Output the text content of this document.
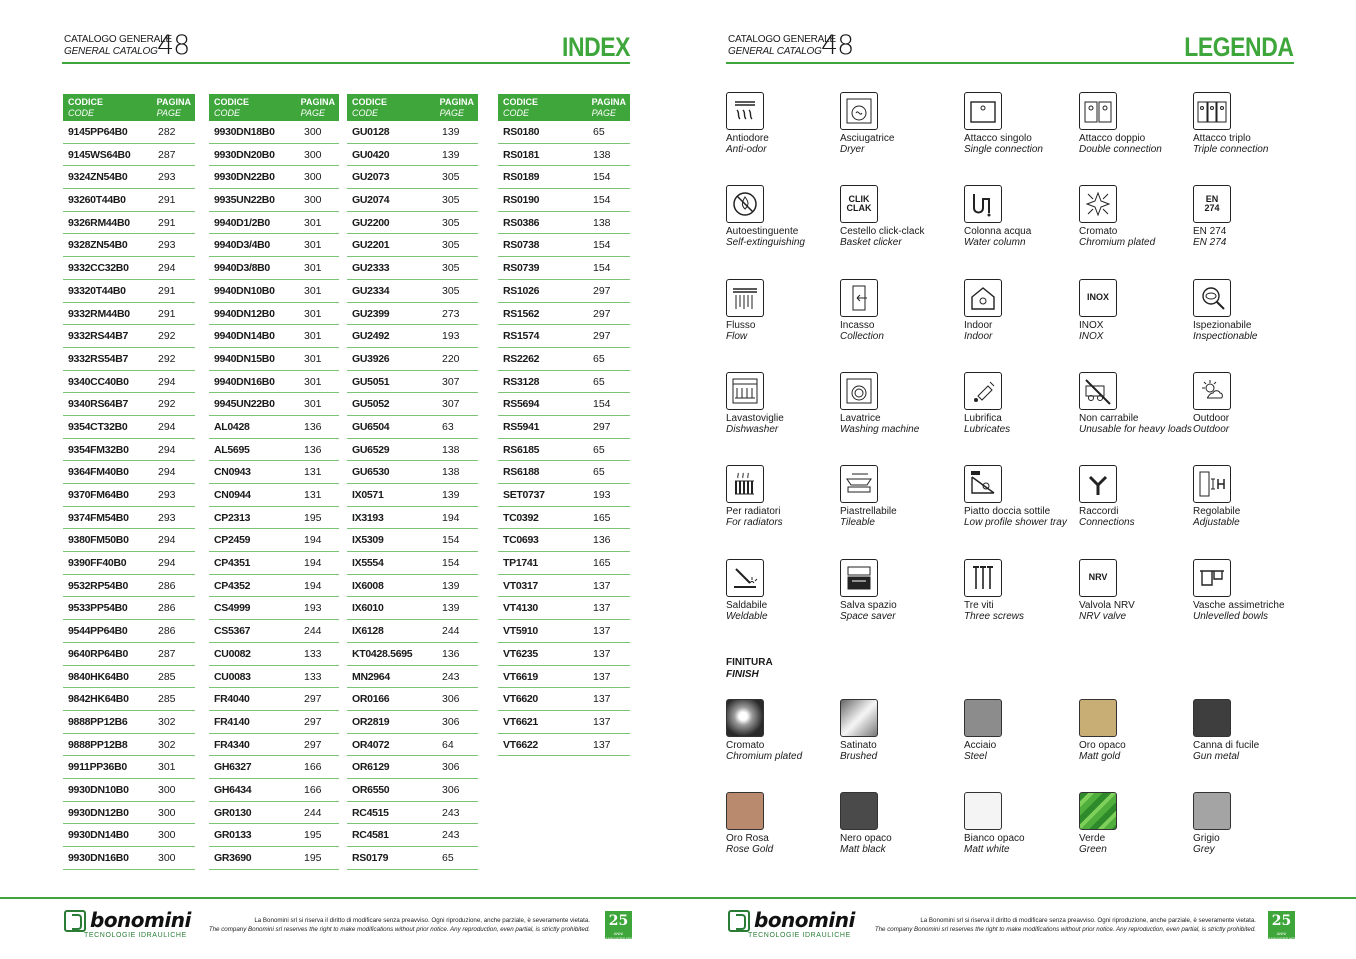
CATALOGO GENERALE
GENERAL CATALOG 48	INDEX
CODICE
CODE
PAGINA
PAGE
9145PP64B0	282
9145WS64B0	287
9324ZN54B0	293
93260T44B0	291
9326RM44B0	291
9328ZN54B0	293
9332CC32B0	294
93320T44B0	291
9332RM44B0	291
9332RS44B7	292
9332RS54B7	292
9340CC40B0	294
9340RS64B7	292
9354CT32B0	294
9354FM32B0	294
9364FM40B0	294
9370FM64B0	293
9374FM54B0	293
9380FM50B0	294
9390FF40B0	294
9532RP54B0	286
9533PP54B0	286
9544PP64B0	286
9640RP64B0	287
9840HK64B0	285
9842HK64B0	285
9888PP12B6	302
9888PP12B8	302
9911PP36B0	301
9930DN10B0	300
9930DN12B0	300
9930DN14B0	300
9930DN16B0	300
CODICE
CODE
PAGINA
PAGE
9930DN18B0	300
9930DN20B0	300
9930DN22B0	300
9935UN22B0	300
9940D1/2B0	301
9940D3/4B0	301
9940D3/8B0	301
9940DN10B0	301
9940DN12B0	301
9940DN14B0	301
9940DN15B0	301
9940DN16B0	301
9945UN22B0	301
AL0428	136
AL5695	136
CN0943	131
CN0944	131
CP2313	195
CP2459	194
CP4351	194
CP4352	194
CS4999	193
CS5367	244
CU0082	133
CU0083	133
FR4040	297
FR4140	297
FR4340	297
GH6327	166
GH6434	166
GR0130	244
GR0133	195
GR3690	195
CODICE
CODE
PAGINA
PAGE
GU0128	139
GU0420	139
GU2073	305
GU2074	305
GU2200	305
GU2201	305
GU2333	305
GU2334	305
GU2399	273
GU2492	193
GU3926	220
GU5051	307
GU5052	307
GU6504	63
GU6529	138
GU6530	138
IX0571	139
IX3193	194
IX5309	154
IX5554	154
IX6008	139
IX6010	139
IX6128	244
KT0428.5695	136
MN2964	243
OR0166	306
OR2819	306
OR4072	64
OR6129	306
OR6550	306
RC4515	243
RC4581	243
RS0179	65
CODICE
CODE
PAGINA
PAGE
RS0180	65
RS0181	138
RS0189	154
RS0190	154
RS0386	138
RS0738	154
RS0739	154
RS1026	297
RS1562	297
RS1574	297
RS2262	65
RS3128	65
RS5694	154
RS5941	297
RS6185	65
RS6188	65
SET0737	193
TC0392	165
TC0693	136
TP1741	165
VT0317	137
VT4130	137
VT5910	137
VT6235	137
VT6619	137
VT6620	137
VT6621	137
VT6622	137
bonomini
TECNOLOGIE IDRAULICHE
La Bonomini srl si riserva il diritto di modificare senza preavviso. Ogni riproduzione, anche parziale, è severamente vietata.
The company Bonomini srl reserves the right to make modifications without prior notice. Any reproduction, even partial, is strictly prohibited.
25
ANNI ANNIVERSARY
CATALOGO GENERALE
GENERAL CATALOG 48	LEGENDA
Antiodore
Anti-odor
Asciugatrice
Dryer
Attacco singolo
Single connection
Attacco doppio
Double connection
Attacco triplo
Triple connection
Autoestinguente
Self-extinguishing
CLIK
CLAK
Cestello click-clack
Basket clicker
Colonna acqua
Water column
Cromato
Chromium plated
EN
274
EN 274
EN 274
Flusso
Flow
Incasso
Collection
Indoor
Indoor
INOX
INOX
INOX
Ispezionabile
Inspectionable
Lavastoviglie
Dishwasher
Lavatrice
Washing machine
Lubrifica
Lubricates
Non carrabile
Unusable for heavy loads
Outdoor
Outdoor
Per radiatori
For radiators
Piastrellabile
Tileable
Piatto doccia sottile
Low profile shower tray
Raccordi
Connections
Regolabile
Adjustable
Saldabile
Weldable
Salva spazio
Space saver
Tre viti
Three screws
NRV
Valvola NRV
NRV valve
Vasche assimetriche
Unlevelled bowls
FINITURA
FINISH
Cromato
Chromium plated
Satinato
Brushed
Acciaio
Steel
Oro opaco
Matt gold
Canna di fucile
Gun metal
Oro Rosa
Rose Gold
Nero opaco
Matt black
Bianco opaco
Matt white
Verde
Green
Grigio
Grey
bonomini
TECNOLOGIE IDRAULICHE
La Bonomini srl si riserva il diritto di modificare senza preavviso. Ogni riproduzione, anche parziale, è severamente vietata.
The company Bonomini srl reserves the right to make modifications without prior notice. Any reproduction, even partial, is strictly prohibited.
25
ANNI ANNIVERSARY
